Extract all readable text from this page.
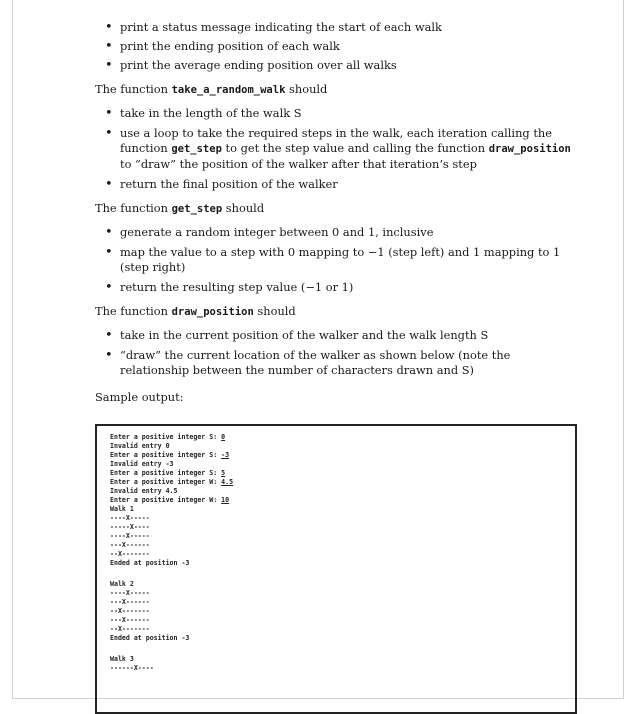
• print a status message indicating the start of each walk
• print the ending position of each walk
• print the average ending position over all walks
The function take_a_random_walk should
• take in the length of the walk S
• use a loop to take the required steps in the walk, each iteration calling the function get_step to get the step value and calling the function draw_position to “draw” the position of the walker after that iteration’s step
• return the final position of the walker
The function get_step should
• generate a random integer between 0 and 1, inclusive
• map the value to a step with 0 mapping to −1 (step left) and 1 mapping to 1 (step right)
• return the resulting step value (−1 or 1)
The function draw_position should
• take in the current position of the walker and the walk length S
• “draw” the current location of the walker as shown below (note the relationship between the number of characters drawn and S)
Sample output:
Enter a positive integer S: 0
Invalid entry 0
Enter a positive integer S: -3
Invalid entry -3
Enter a positive integer S: 5
Enter a positive integer W: 4.5
Invalid entry 4.5
Enter a positive integer W: 10
Walk 1
----X-----
-----X----
----X-----
---X------
--X-------
Ended at position -3
Walk 2
----X-----
---X------
--X-------
---X------
--X-------
Ended at position -3
Walk 3
------X----
